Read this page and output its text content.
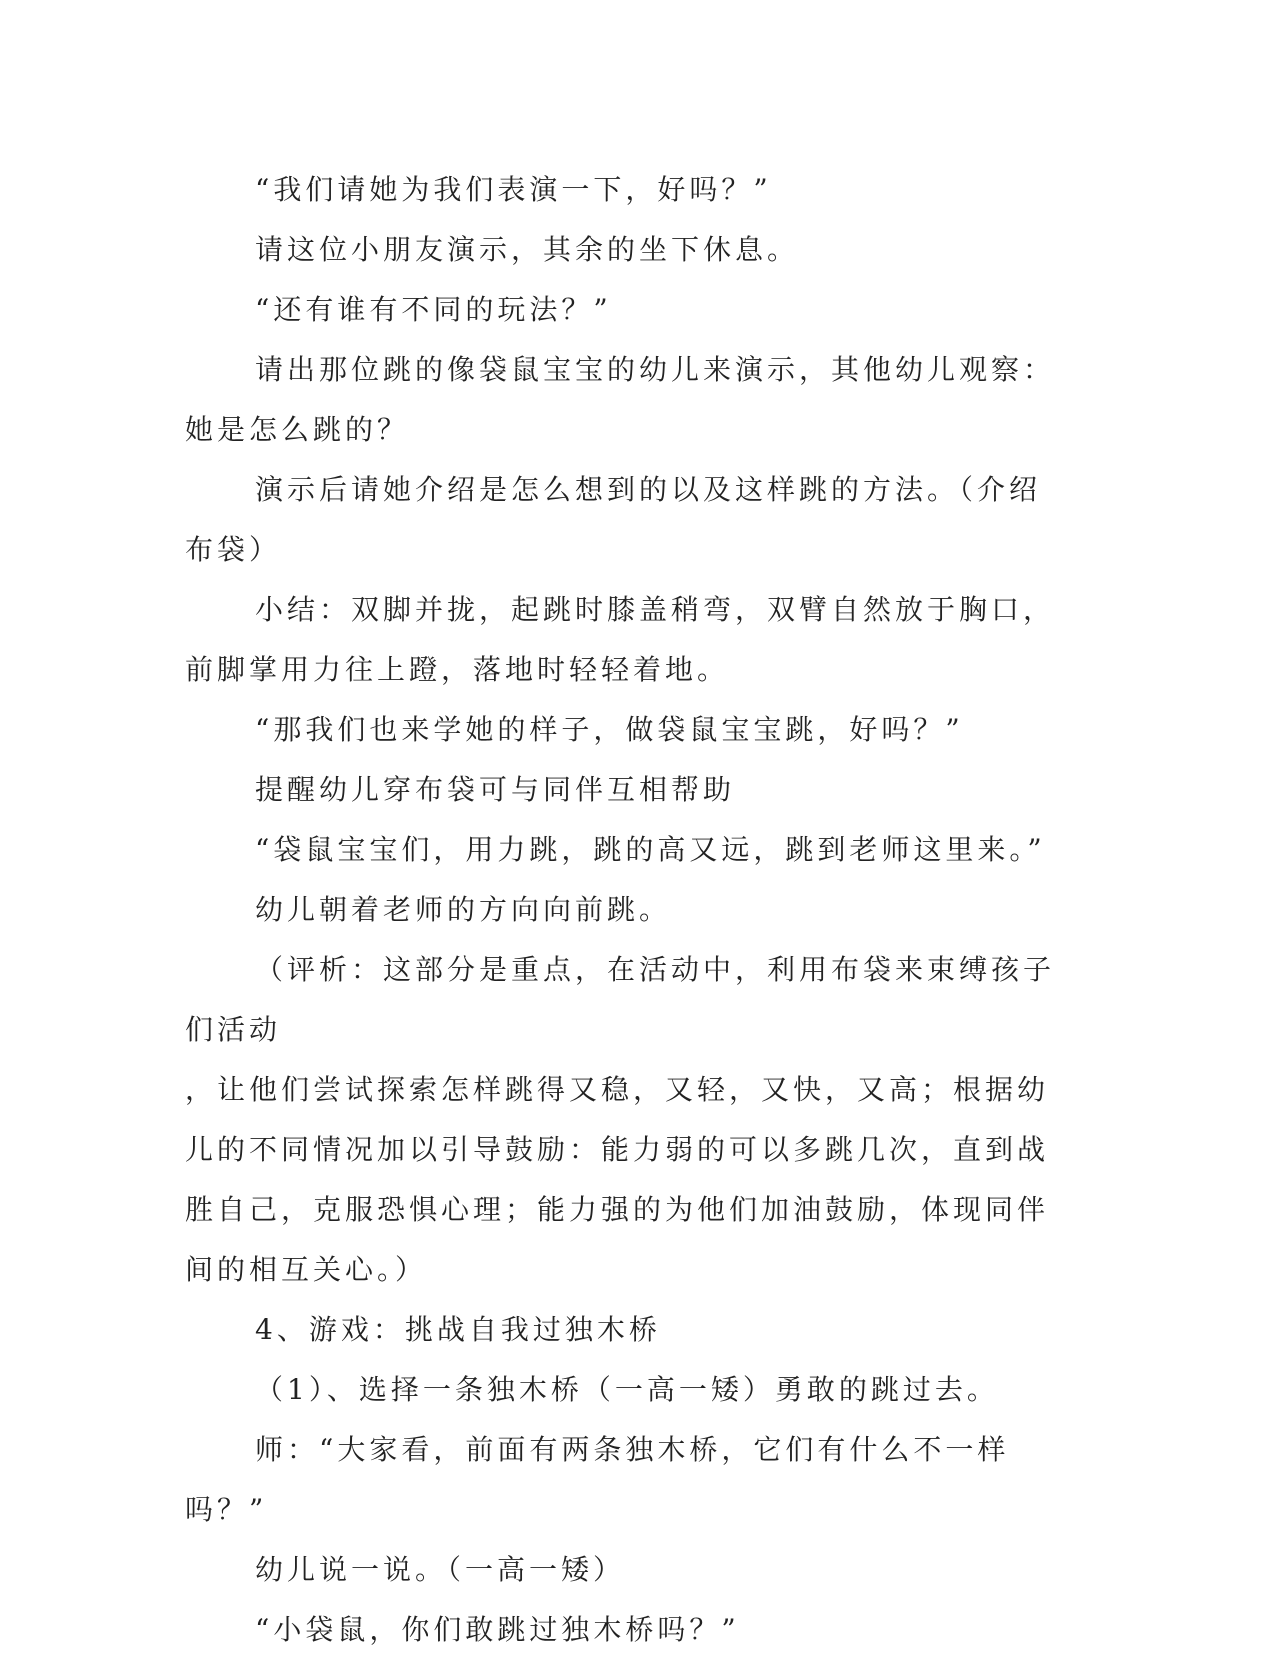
“我们请她为我们表演一下，好吗？”

请这位小朋友演示，其余的坐下休息。

“还有谁有不同的玩法？”

请出那位跳的像袋鼠宝宝的幼儿来演示，其他幼儿观察：她是怎么跳的？

演示后请她介绍是怎么想到的以及这样跳的方法。（介绍布袋）

小结：双脚并拢，起跳时膝盖稍弯，双臂自然放于胸口，前脚掌用力往上蹬，落地时轻轻着地。

“那我们也来学她的样子，做袋鼠宝宝跳，好吗？”

提醒幼儿穿布袋可与同伴互相帮助

“袋鼠宝宝们，用力跳，跳的高又远，跳到老师这里来。”

幼儿朝着老师的方向向前跳。

（评析：这部分是重点，在活动中，利用布袋来束缚孩子们活动

，让他们尝试探索怎样跳得又稳，又轻，又快，又高；根据幼儿的不同情况加以引导鼓励：能力弱的可以多跳几次，直到战胜自己，克服恐惧心理；能力强的为他们加油鼓励，体现同伴间的相互关心。）

4、游戏：挑战自我过独木桥

（1）、选择一条独木桥（一高一矮）勇敢的跳过去。

师：“大家看，前面有两条独木桥，它们有什么不一样吗？”

幼儿说一说。（一高一矮）

“小袋鼠，你们敢跳过独木桥吗？”
